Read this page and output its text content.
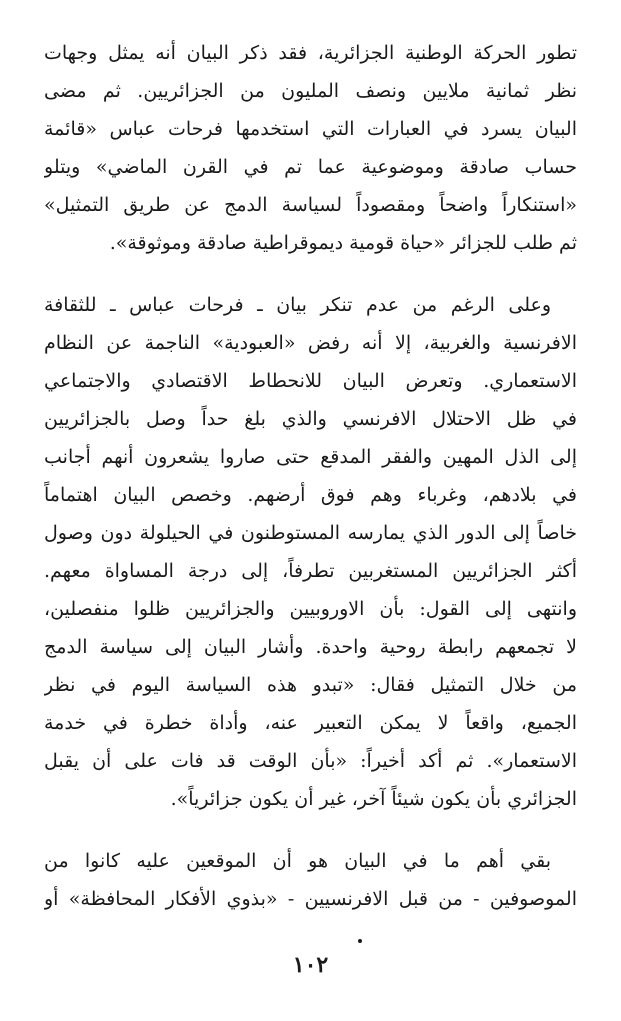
تطور الحركة الوطنية الجزائرية، فقد ذكر البيان أنه يمثل وجهات

نظر ثمانية ملايين ونصف المليون من الجزائريين. ثم مضى

البيان يسرد في العبارات التي استخدمها فرحات عباس «قائمة

حساب صادقة وموضوعية عما تم في القرن الماضي» ويتلو

«استنكاراً واضحاً ومقصوداً لسياسة الدمج عن طريق التمثيل»

ثم طلب للجزائر «حياة قومية ديموقراطية صادقة وموثوقة».

وعلى الرغم من عدم تنكر بيان ـ فرحات عباس ـ للثقافة

الافرنسية والغربية، إلا أنه رفض «العبودية» الناجمة عن النظام

الاستعماري. وتعرض البيان للانحطاط الاقتصادي والاجتماعي

في ظل الاحتلال الافرنسي والذي بلغ حداً وصل بالجزائريين

إلى الذل المهين والفقر المدقع حتى صاروا يشعرون أنهم أجانب

في بلادهم، وغرباء وهم فوق أرضهم. وخصص البيان اهتماماً

خاصاً إلى الدور الذي يمارسه المستوطنون في الحيلولة دون وصول

أكثر الجزائريين المستغربين تطرفاً، إلى درجة المساواة معهم.

وانتهى إلى القول: بأن الاوروبيين والجزائريين ظلوا منفصلين،

لا تجمعهم رابطة روحية واحدة. وأشار البيان إلى سياسة الدمج

من خلال التمثيل فقال: «تبدو هذه السياسة اليوم في نظر

الجميع، واقعاً لا يمكن التعبير عنه، وأداة خطرة في خدمة

الاستعمار». ثم أكد أخيراً: «بأن الوقت قد فات على أن يقبل

الجزائري بأن يكون شيئاً آخر، غير أن يكون جزائرياً».

بقي أهم ما في البيان هو أن الموقعين عليه كانوا من

الموصوفين - من قبل الافرنسيين - «بذوي الأفكار المحافظة» أو

١٠٢
